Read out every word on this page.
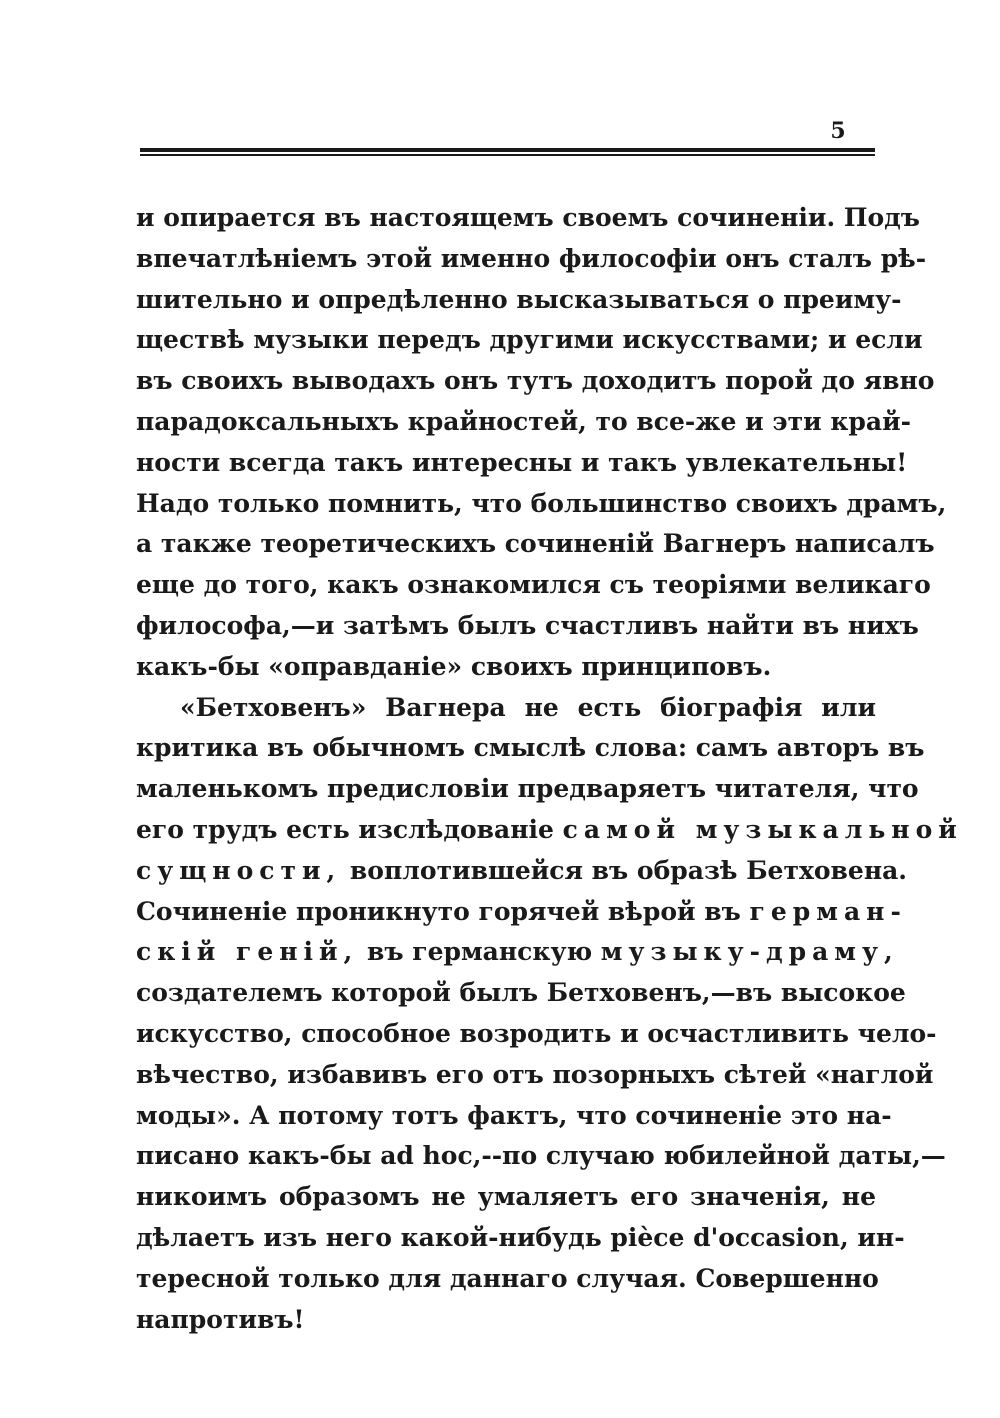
5
и опирается въ настоящемъ своемъ сочиненіи. Подъ
впечатлѣніемъ этой именно философіи онъ сталъ рѣ-
шительно и опредѣленно высказываться о преиму-
ществѣ музыки передъ другими искусствами; и если
въ своихъ выводахъ онъ тутъ доходитъ порой до явно
парадоксальныхъ крайностей, то все-же и эти край-
ности всегда такъ интересны и такъ увлекательны!
Надо только помнить, что большинство своихъ драмъ,
а также теоретическихъ сочиненій Вагнеръ написалъ
еще до того, какъ ознакомился съ теоріями великаго
философа,—и затѣмъ былъ счастливъ найти въ нихъ
какъ-бы «оправданіе» своихъ принциповъ.
«Бетховенъ» Вагнера не есть біографія или
критика въ обычномъ смыслѣ слова: самъ авторъ въ
маленькомъ предисловіи предваряетъ читателя, что
его трудъ есть изслѣдованіе самой музыкальной
сущности, воплотившейся въ образѣ Бетховена.
Сочиненіе проникнуто горячей вѣрой въ герман-
скій геній, въ германскую музыку-драму,
создателемъ которой былъ Бетховенъ,—въ высокое
искусство, способное возродить и осчастливить чело-
вѣчество, избавивъ его отъ позорныхъ сѣтей «наглой
моды». А потому тотъ фактъ, что сочиненіе это на-
писано какъ-бы ad hoc,--по случаю юбилейной даты,—
никоимъ образомъ не умаляетъ его значенія, не
дѣлаетъ изъ него какой-нибудь pièce d'occasion, ин-
тересной только для даннаго случая. Совершенно
напротивъ!
